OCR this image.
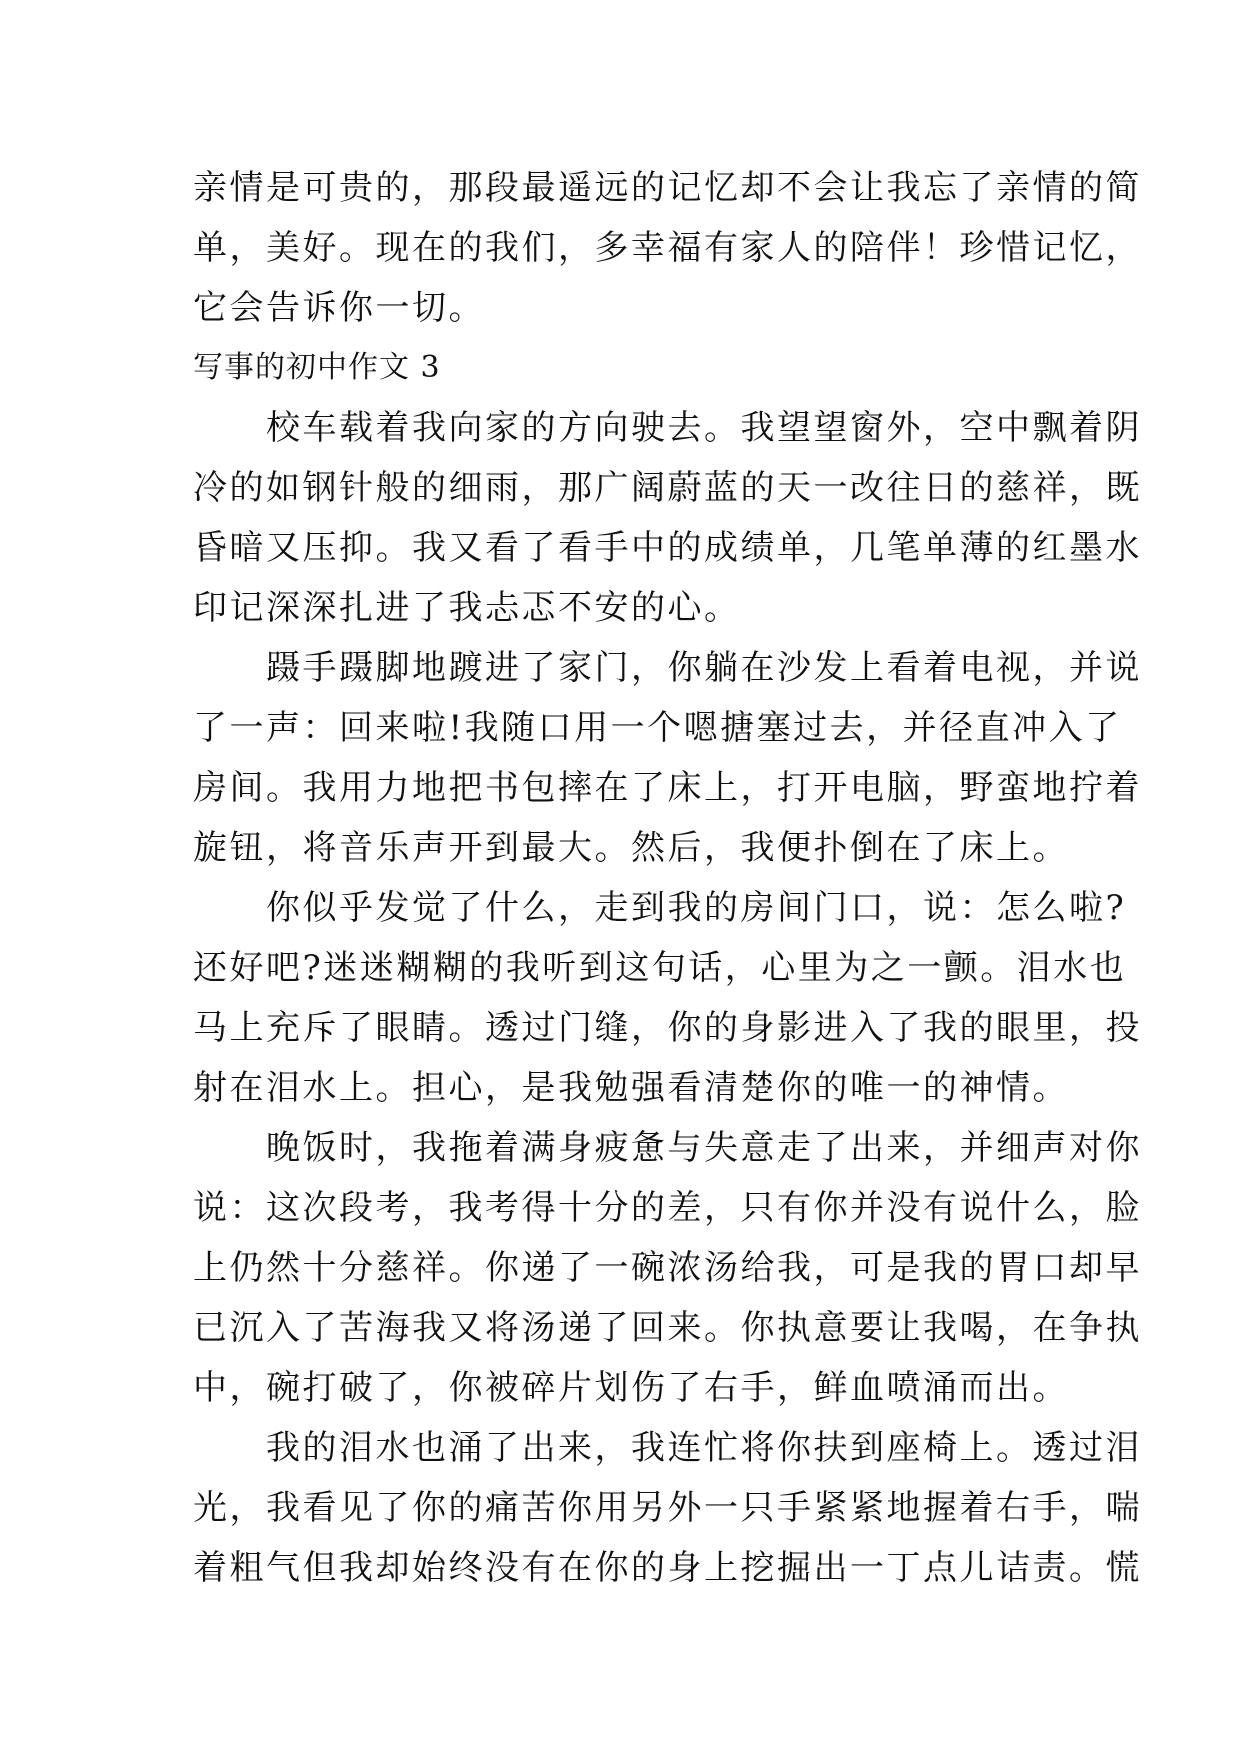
亲情是可贵的，那段最遥远的记忆却不会让我忘了亲情的简
单，美好。现在的我们，多幸福有家人的陪伴！珍惜记忆，
它会告诉你一切。
写事的初中作文 3
　　校车载着我向家的方向驶去。我望望窗外，空中飘着阴
冷的如钢针般的细雨，那广阔蔚蓝的天一改往日的慈祥，既
昏暗又压抑。我又看了看手中的成绩单，几笔单薄的红墨水
印记深深扎进了我忐忑不安的心。
　　蹑手蹑脚地踱进了家门，你躺在沙发上看着电视，并说
了一声：回来啦!我随口用一个嗯搪塞过去，并径直冲入了
房间。我用力地把书包摔在了床上，打开电脑，野蛮地拧着
旋钮，将音乐声开到最大。然后，我便扑倒在了床上。
　　你似乎发觉了什么，走到我的房间门口，说：怎么啦?
还好吧?迷迷糊糊的我听到这句话，心里为之一颤。泪水也
马上充斥了眼睛。透过门缝，你的身影进入了我的眼里，投
射在泪水上。担心，是我勉强看清楚你的唯一的神情。
　　晚饭时，我拖着满身疲惫与失意走了出来，并细声对你
说：这次段考，我考得十分的差，只有你并没有说什么，脸
上仍然十分慈祥。你递了一碗浓汤给我，可是我的胃口却早
已沉入了苦海我又将汤递了回来。你执意要让我喝，在争执
中，碗打破了，你被碎片划伤了右手，鲜血喷涌而出。
　　我的泪水也涌了出来，我连忙将你扶到座椅上。透过泪
光，我看见了你的痛苦你用另外一只手紧紧地握着右手，喘
着粗气但我却始终没有在你的身上挖掘出一丁点儿诘责。慌
